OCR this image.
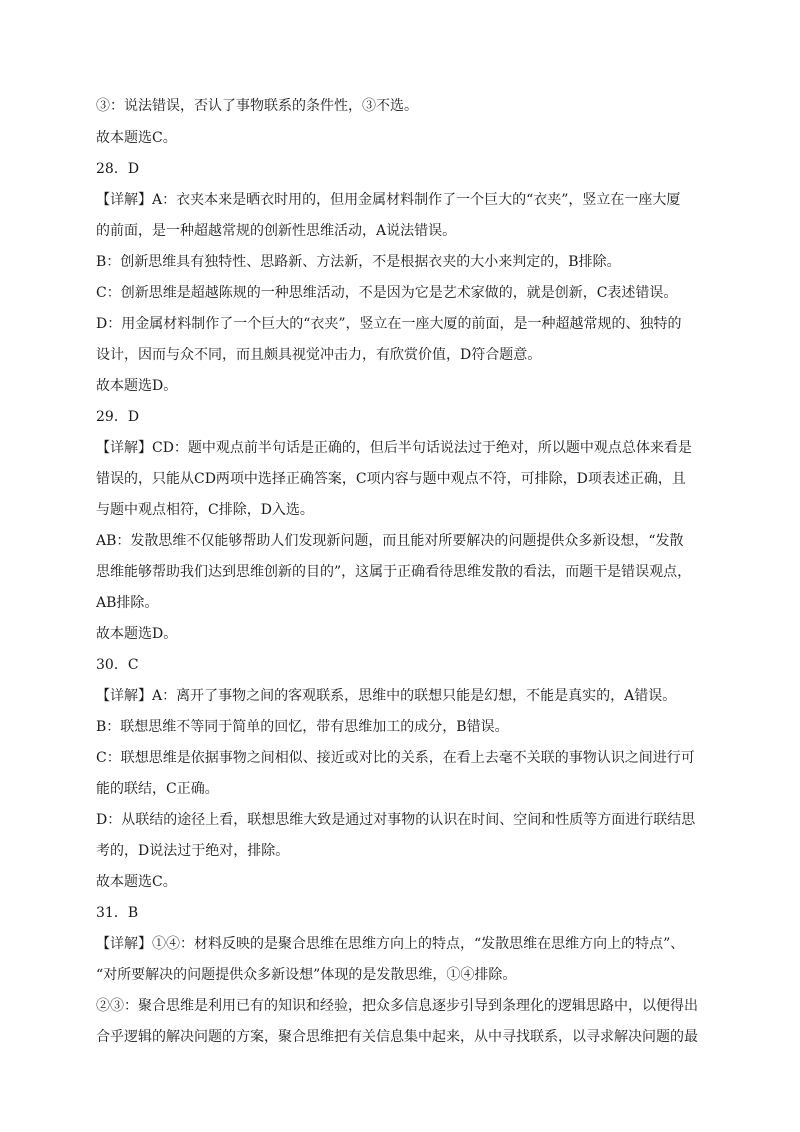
③：说法错误，否认了事物联系的条件性，③不选。
故本题选C。
28．D
【详解】A：衣夹本来是晒衣时用的，但用金属材料制作了一个巨大的“衣夹”，竖立在一座大厦
的前面，是一种超越常规的创新性思维活动，A说法错误。
B：创新思维具有独特性、思路新、方法新，不是根据衣夹的大小来判定的，B排除。
C：创新思维是超越陈规的一种思维活动，不是因为它是艺术家做的，就是创新，C表述错误。
D：用金属材料制作了一个巨大的“衣夹”，竖立在一座大厦的前面，是一种超越常规的、独特的
设计，因而与众不同，而且颇具视觉冲击力，有欣赏价值，D符合题意。
故本题选D。
29．D
【详解】CD：题中观点前半句话是正确的，但后半句话说法过于绝对，所以题中观点总体来看是
错误的，只能从CD两项中选择正确答案，C项内容与题中观点不符，可排除，D项表述正确，且
与题中观点相符，C排除，D入选。
AB：发散思维不仅能够帮助人们发现新问题，而且能对所要解决的问题提供众多新设想，“发散
思维能够帮助我们达到思维创新的目的”，这属于正确看待思维发散的看法，而题干是错误观点，
AB排除。
故本题选D。
30．C
【详解】A：离开了事物之间的客观联系，思维中的联想只能是幻想，不能是真实的，A错误。
B：联想思维不等同于简单的回忆，带有思维加工的成分，B错误。
C：联想思维是依据事物之间相似、接近或对比的关系，在看上去毫不关联的事物认识之间进行可
能的联结，C正确。
D：从联结的途径上看，联想思维大致是通过对事物的认识在时间、空间和性质等方面进行联结思
考的，D说法过于绝对，排除。
故本题选C。
31．B
【详解】①④：材料反映的是聚合思维在思维方向上的特点，“发散思维在思维方向上的特点”、
“对所要解决的问题提供众多新设想”体现的是发散思维，①④排除。
②③：聚合思维是利用已有的知识和经验，把众多信息逐步引导到条理化的逻辑思路中，以便得出
合乎逻辑的解决问题的方案，聚合思维把有关信息集中起来，从中寻找联系，以寻求解决问题的最
